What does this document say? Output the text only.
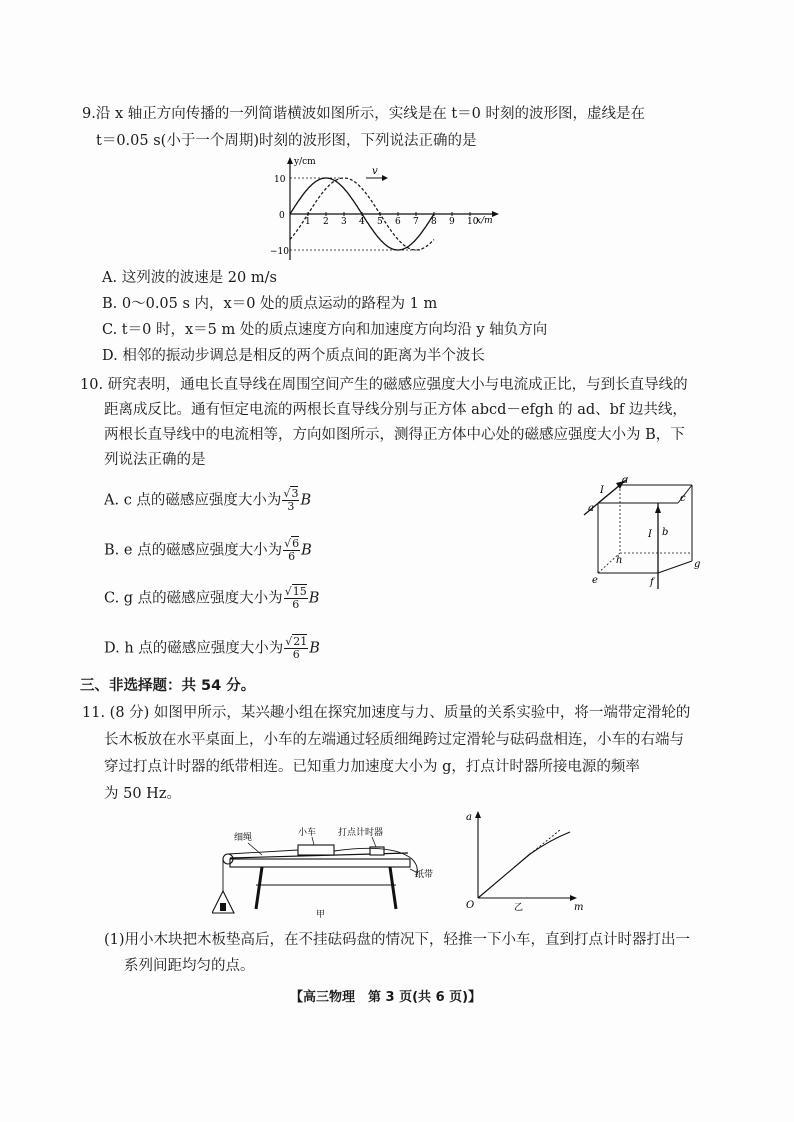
9.沿 x 轴正方向传播的一列简谐横波如图所示，实线是在 t＝0 时刻的波形图，虚线是在
t＝0.05 s(小于一个周期)时刻的波形图，下列说法正确的是
1 2 3 4 5 6 7 8 9 10
y/cm
x/m
10
0
−10
v
A. 这列波的波速是 20 m/s
B. 0～0.05 s 内，x＝0 处的质点运动的路程为 1 m
C. t＝0 时，x＝5 m 处的质点速度方向和加速度方向均沿 y 轴负方向
D. 相邻的振动步调总是相反的两个质点间的距离为半个波长
10. 研究表明，通电长直导线在周围空间产生的磁感应强度大小与电流成正比，与到长直导线的
距离成反比。通有恒定电流的两根长直导线分别与正方体 abcd－efgh 的 ad、bf 边共线，
两根长直导线中的电流相等，方向如图所示，测得正方体中心处的磁感应强度大小为 B，下
列说法正确的是
A. c 点的磁感应强度大小为 $\frac{√3}{3}$ B
B. e 点的磁感应强度大小为 $\frac{√6}{6}$ B
C. g 点的磁感应强度大小为 $\frac{√15}{6}$ B
D. h 点的磁感应强度大小为 $\frac{√21}{6}$ B
a
c
d
b
e	f
g
h
I
I
三、非选择题：共 54 分。
11. (8 分) 如图甲所示，某兴趣小组在探究加速度与力、质量的关系实验中，将一端带定滑轮的
长木板放在水平桌面上，小车的左端通过轻质细绳跨过定滑轮与砝码盘相连，小车的右端与
穿过打点计时器的纸带相连。已知重力加速度大小为 g，打点计时器所接电源的频率
为 50 Hz。
细绳	小车 打点计时器
纸带
甲
a
m
O	乙
(1)用小木块把木板垫高后，在不挂砝码盘的情况下，轻推一下小车，直到打点计时器打出一
系列间距均匀的点。
【高三物理　第 3 页(共 6 页)】
